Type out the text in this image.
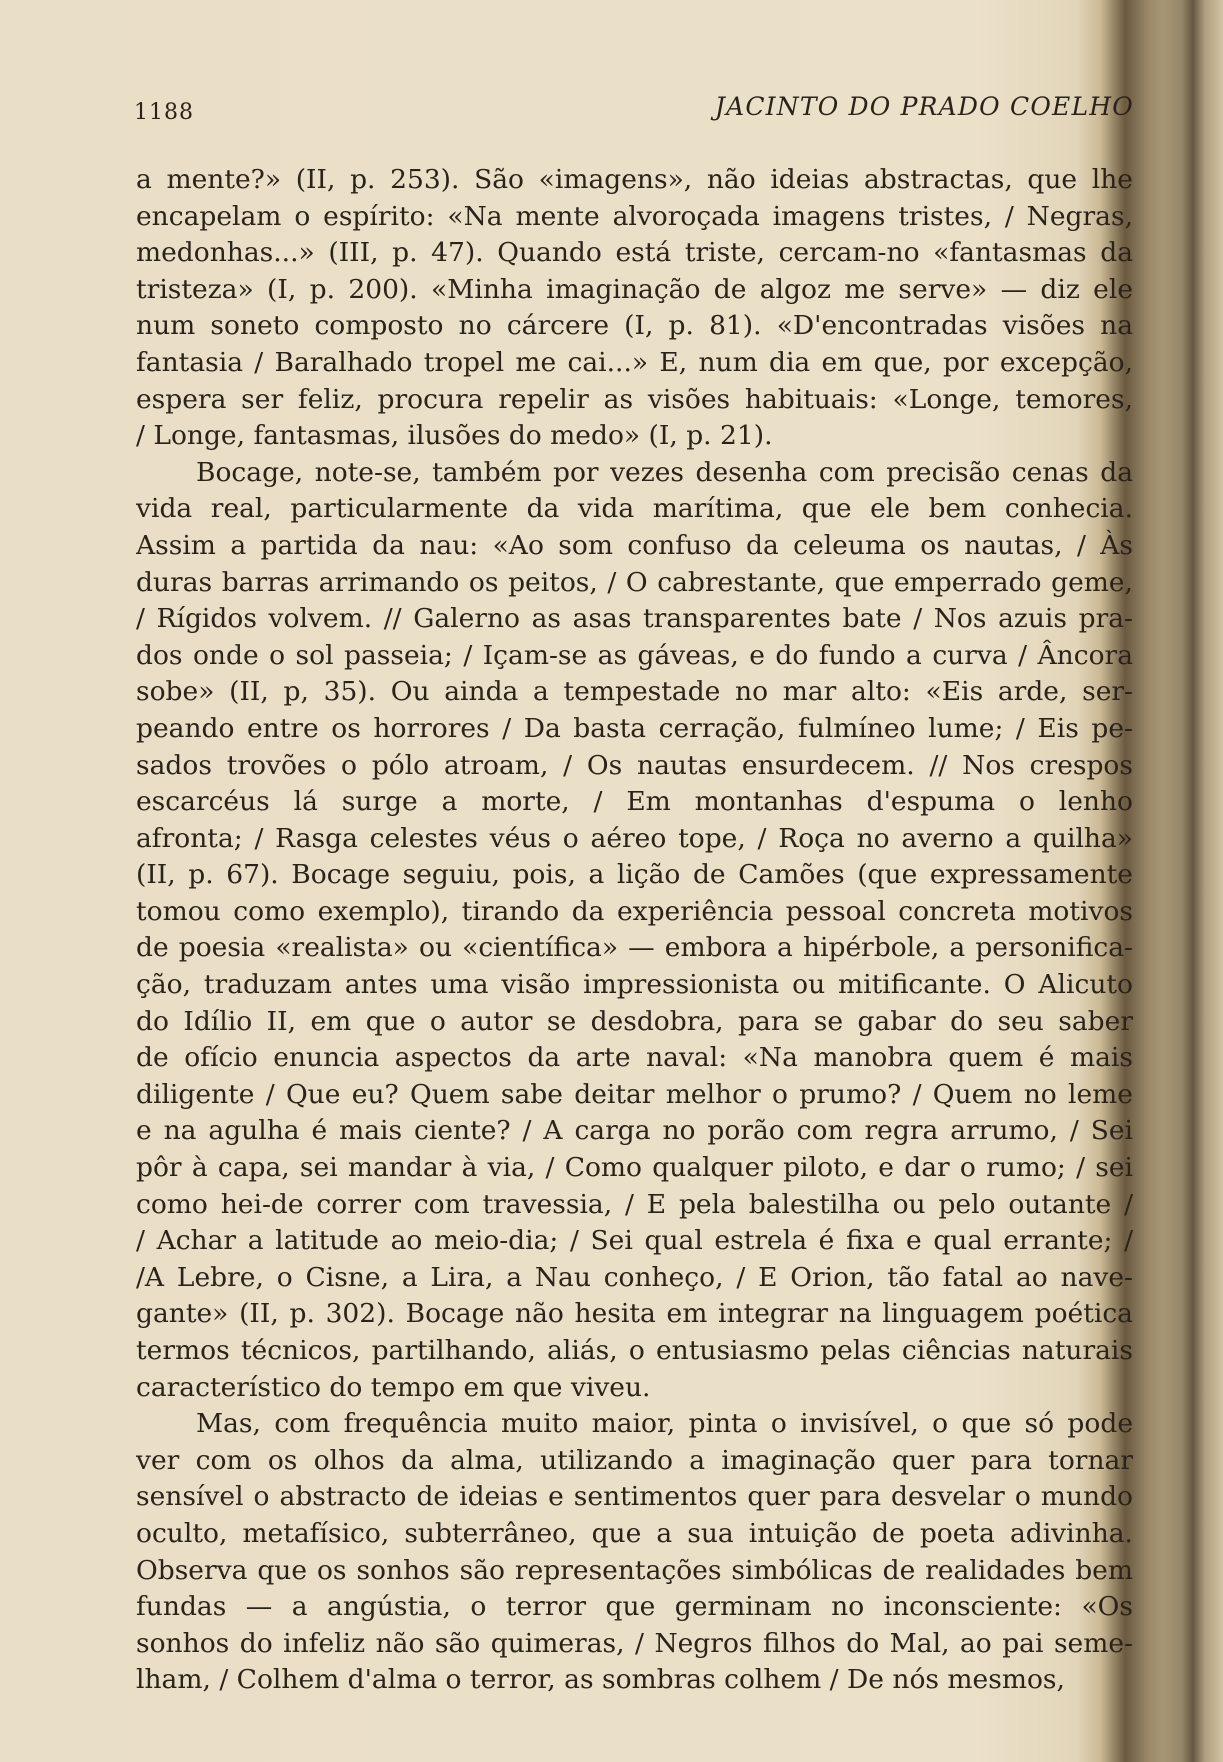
1188	JACINTO DO PRADO COELHO
a mente?» (II, p. 253). São «imagens», não ideias abstractas, que lhe
encapelam o espírito: «Na mente alvoroçada imagens tristes, / Negras,
medonhas...» (III, p. 47). Quando está triste, cercam-no «fantasmas da
tristeza» (I, p. 200). «Minha imaginação de algoz me serve» — diz ele
num soneto composto no cárcere (I, p. 81). «D'encontradas visões na
fantasia / Baralhado tropel me cai...» E, num dia em que, por excepção,
espera ser feliz, procura repelir as visões habituais: «Longe, temores,
/ Longe, fantasmas, ilusões do medo» (I, p. 21).
Bocage, note-se, também por vezes desenha com precisão cenas da
vida real, particularmente da vida marítima, que ele bem conhecia.
Assim a partida da nau: «Ao som confuso da celeuma os nautas, / Às
duras barras arrimando os peitos, / O cabrestante, que emperrado geme,
/ Rígidos volvem. // Galerno as asas transparentes bate / Nos azuis pra-
dos onde o sol passeia; / Içam-se as gáveas, e do fundo a curva / Âncora
sobe» (II, p, 35). Ou ainda a tempestade no mar alto: «Eis arde, ser-
peando entre os horrores / Da basta cerração, fulmíneo lume; / Eis pe-
sados trovões o pólo atroam, / Os nautas ensurdecem. // Nos crespos
escarcéus lá surge a morte, / Em montanhas d'espuma o lenho
afronta; / Rasga celestes véus o aéreo tope, / Roça no averno a quilha»
(II, p. 67). Bocage seguiu, pois, a lição de Camões (que expressamente
tomou como exemplo), tirando da experiência pessoal concreta motivos
de poesia «realista» ou «científica» — embora a hipérbole, a personifica-
ção, traduzam antes uma visão impressionista ou mitificante. O Alicuto
do Idílio II, em que o autor se desdobra, para se gabar do seu saber
de ofício enuncia aspectos da arte naval: «Na manobra quem é mais
diligente / Que eu? Quem sabe deitar melhor o prumo? / Quem no leme
e na agulha é mais ciente? / A carga no porão com regra arrumo, / Sei
pôr à capa, sei mandar à via, / Como qualquer piloto, e dar o rumo; / sei
como hei-de correr com travessia, / E pela balestilha ou pelo outante /
/ Achar a latitude ao meio-dia; / Sei qual estrela é fixa e qual errante; /
/A Lebre, o Cisne, a Lira, a Nau conheço, / E Orion, tão fatal ao nave-
gante» (II, p. 302). Bocage não hesita em integrar na linguagem poética
termos técnicos, partilhando, aliás, o entusiasmo pelas ciências naturais
característico do tempo em que viveu.
Mas, com frequência muito maior, pinta o invisível, o que só pode
ver com os olhos da alma, utilizando a imaginação quer para tornar
sensível o abstracto de ideias e sentimentos quer para desvelar o mundo
oculto, metafísico, subterrâneo, que a sua intuição de poeta adivinha.
Observa que os sonhos são representações simbólicas de realidades bem
fundas — a angústia, o terror que germinam no inconsciente: «Os
sonhos do infeliz não são quimeras, / Negros filhos do Mal, ao pai seme-
lham, / Colhem d'alma o terror, as sombras colhem / De nós mesmos,
